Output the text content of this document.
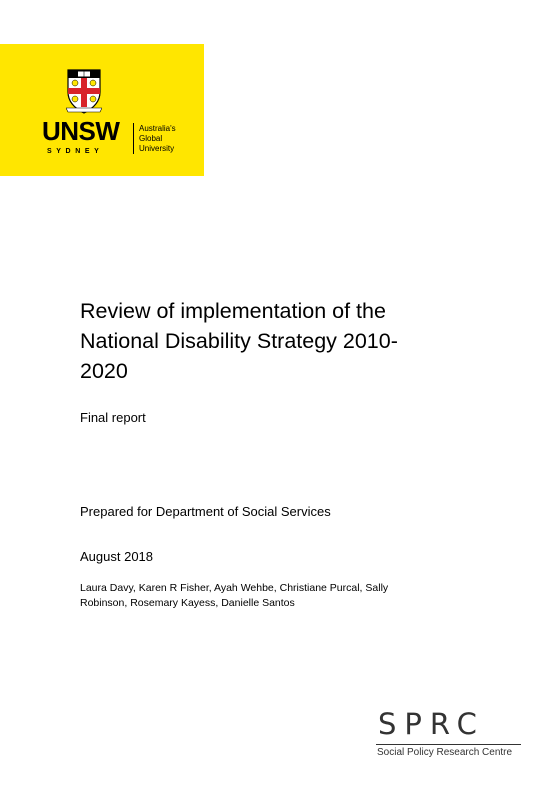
UNSW
SYDNEY
Australia's
Global
University
Review of implementation of the
National Disability Strategy 2010-
2020
Final report
Prepared for Department of Social Services
August 2018
Laura Davy, Karen R Fisher, Ayah Wehbe, Christiane Purcal, Sally
Robinson, Rosemary Kayess, Danielle Santos
SPRC
Social Policy Research Centre
